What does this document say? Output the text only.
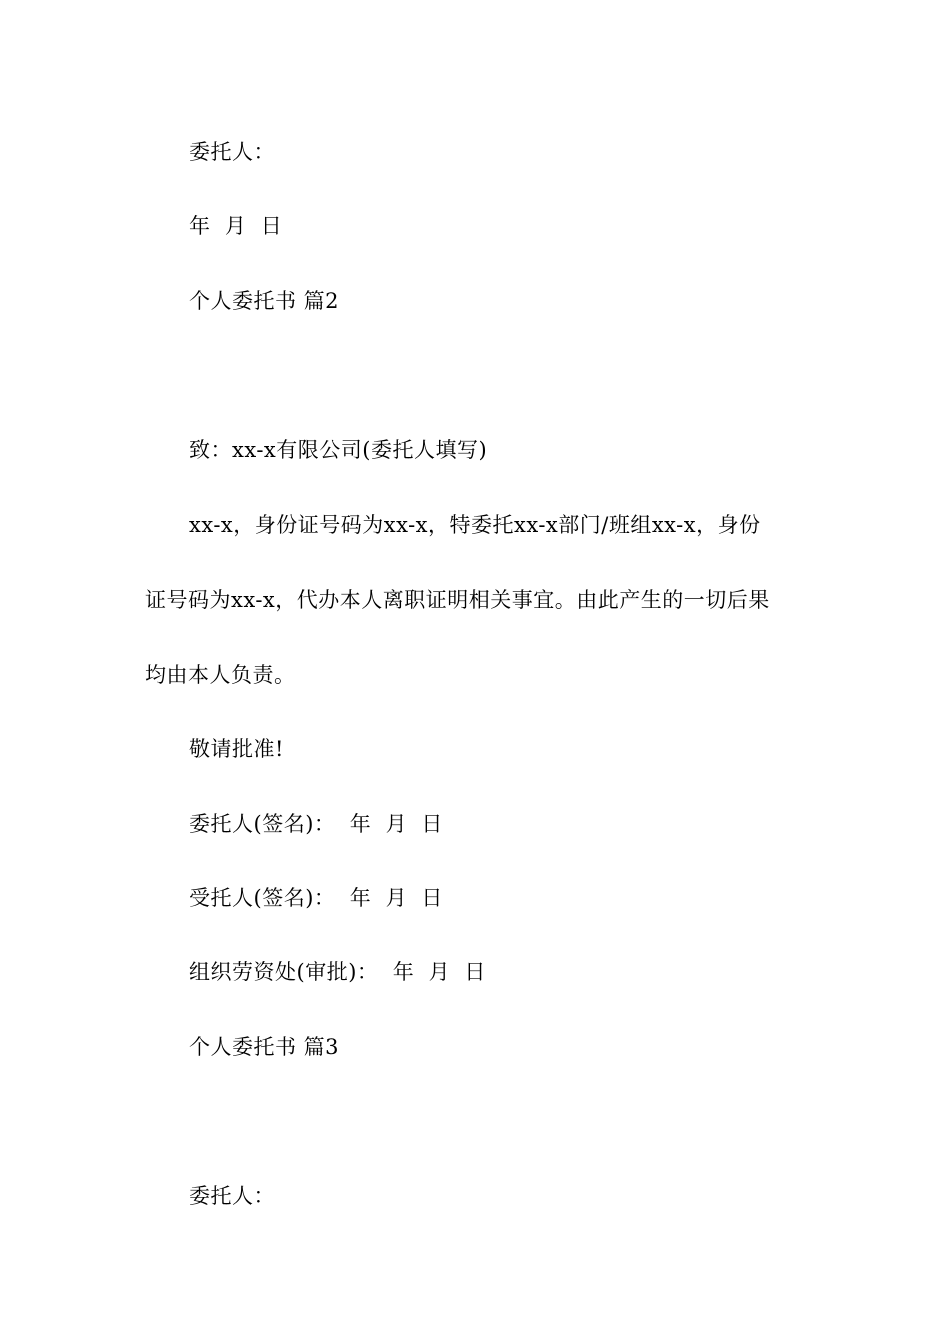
委托人：
年  月  日
个人委托书 篇2
致：xx-x有限公司(委托人填写)
xx-x，身份证号码为xx-x，特委托xx-x部门/班组xx-x，身份
证号码为xx-x，代办本人离职证明相关事宜。由此产生的一切后果
均由本人负责。
敬请批准!
委托人(签名)：  年  月  日
受托人(签名)：  年  月  日
组织劳资处(审批)：  年  月  日
个人委托书 篇3
委托人：
